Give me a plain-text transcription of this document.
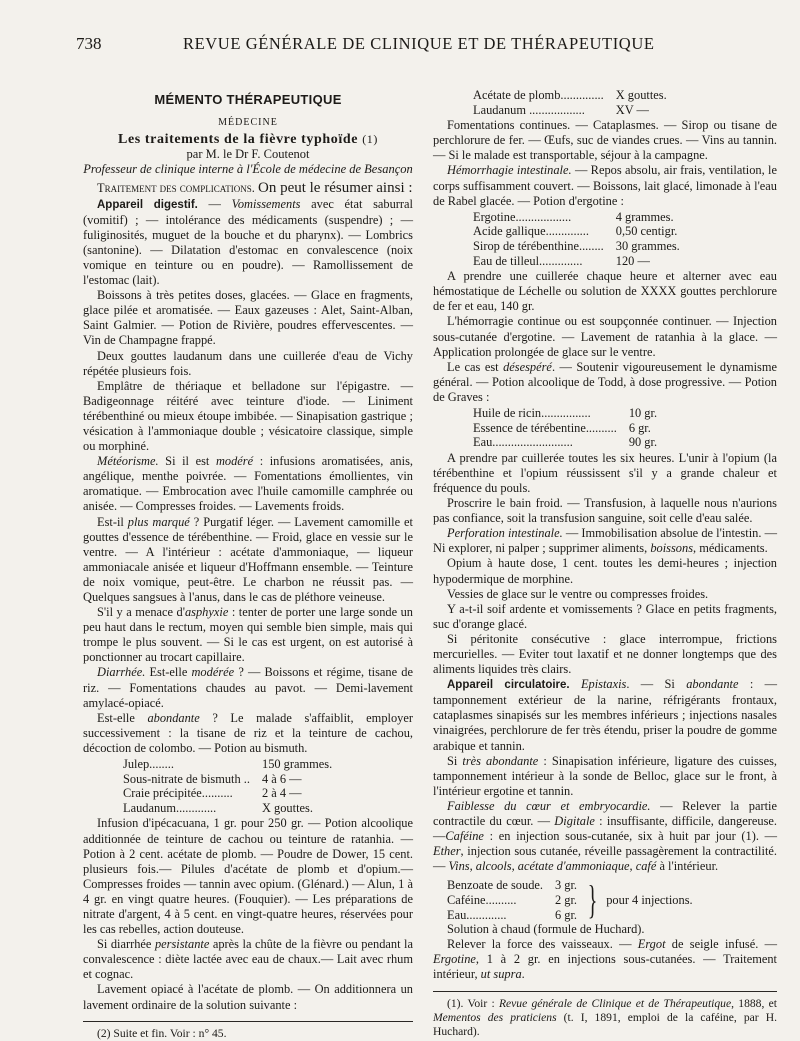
738	REVUE GÉNÉRALE DE CLINIQUE ET DE THÉRAPEUTIQUE
MÉMENTO THÉRAPEUTIQUE
MÉDECINE
Les traitements de la fièvre typhoïde (1)
par M. le Dr F. Coutenot
Professeur de clinique interne à l'École de médecine de Besançon

Traitement des complications. On peut le résumer ainsi :

Appareil digestif. — Vomissements avec état saburral (vomitif) ; — intolérance des médicaments (suspendre) ; — fuliginosités, muguet de la bouche et du pharynx). — Lombrics (santonine). — Dilatation d'estomac en convalescence (noix vomique en teinture ou en poudre). — Ramollissement de l'estomac (lait).

Boissons à très petites doses, glacées. — Glace en fragments, glace pilée et aromatisée. — Eaux gazeuses : Alet, Saint-Alban, Saint Galmier. — Potion de Rivière, poudres effervescentes. — Vin de Champagne frappé.

Deux gouttes laudanum dans une cuillerée d'eau de Vichy répétée plusieurs fois.

Emplâtre de thériaque et belladone sur l'épigastre. — Badigeonnage réitéré avec teinture d'iode. — Liniment térébenthiné ou mieux étoupe imbibée. — Sinapisation gastrique ; vésication à l'ammoniaque double ; vésicatoire classique, simple ou morphiné.

Météorisme. Si il est modéré : infusions aromatisées, anis, angélique, menthe poivrée. — Fomentations émollientes, vin aromatique. — Embrocation avec l'huile camomille camphrée ou anisée. — Compresses froides. — Lavements froids.

Est-il plus marqué ? Purgatif léger. — Lavement camomille et gouttes d'essence de térébenthine. — Froid, glace en vessie sur le ventre. — A l'intérieur : acétate d'ammoniaque, — liqueur ammoniacale anisée et liqueur d'Hoffmann ensemble. — Teinture de noix vomique, peut-être. Le charbon ne réussit pas. — Quelques sangsues à l'anus, dans le cas de pléthore veineuse.

S'il y a menace d'asphyxie : tenter de porter une large sonde un peu haut dans le rectum, moyen qui semble bien simple, mais qui trompe le plus souvent. — Si le cas est urgent, on est autorisé à ponctionner au trocart capillaire.

Diarrhée. Est-elle modérée ? — Boissons et régime, tisane de riz. — Fomentations chaudes au pavot. — Demi-lavement amylacé-opiacé.

Est-elle abondante ? Le malade s'affaiblit, employer successivement : la tisane de riz et la teinture de cachou, décoction de colombo. — Potion au bismuth.

Julep........	150 grammes.
Sous-nitrate de bismuth ..	4 à 6 —
Craie précipitée..........	2 à 4 —
Laudanum.............	X gouttes.

Infusion d'ipécacuana, 1 gr. pour 250 gr. — Potion alcoolique additionnée de teinture de cachou ou teinture de ratanhia. — Potion à 2 cent. acétate de plomb. — Poudre de Dower, 15 cent. plusieurs fois.— Pilules d'acétate de plomb et d'opium.— Compresses froides — tannin avec opium. (Glénard.) — Alun, 1 à 4 gr. en vingt quatre heures. (Fouquier). — Les préparations de nitrate d'argent, 4 à 5 cent. en vingt-quatre heures, réservées pour les cas rebelles, action douteuse.

Si diarrhée persistante après la chûte de la fièvre ou pendant la convalescence : diète lactée avec eau de chaux.— Lait avec rhum et cognac.

Lavement opiacé à l'acétate de plomb. — On additionnera un lavement ordinaire de la solution suivante :

(2) Suite et fin. Voir : n° 45.

Acétate de plomb..............	X gouttes.
Laudanum ..................	XV —

Fomentations continues. — Cataplasmes. — Sirop ou tisane de perchlorure de fer. — Œufs, suc de viandes crues. — Vins au tannin. — Si le malade est transportable, séjour à la campagne.

Hémorrhagie intestinale. — Repos absolu, air frais, ventilation, le corps suffisamment couvert. — Boissons, lait glacé, limonade à l'eau de Rabel glacée. — Potion d'ergotine :

Ergotine..................	4 grammes.
Acide gallique..............	0,50 centigr.
Sirop de térébenthine........	30 grammes.
Eau de tilleul..............	120 —

A prendre une cuillerée chaque heure et alterner avec eau hémostatique de Léchelle ou solution de XXXX gouttes perchlorure de fer et eau, 140 gr.

L'hémorragie continue ou est soupçonnée continuer. — Injection sous-cutanée d'ergotine. — Lavement de ratanhia à la glace. — Application prolongée de glace sur le ventre.

Le cas est désespéré. — Soutenir vigoureusement le dynamisme général. — Potion alcoolique de Todd, à dose progressive. — Potion de Graves :

Huile de ricin................	10 gr.
Essence de térébentine..........	6 gr.
Eau..........................	90 gr.

A prendre par cuillerée toutes les six heures. L'unir à l'opium (la térébenthine et l'opium réussissent s'il y a grande chaleur et fréquence du pouls.

Proscrire le bain froid. — Transfusion, à laquelle nous n'aurions pas confiance, soit la transfusion sanguine, soit celle d'eau salée.

Perforation intestinale. — Immobilisation absolue de l'intestin. — Ni explorer, ni palper ; supprimer aliments, boissons, médicaments.

Opium à haute dose, 1 cent. toutes les demi-heures ; injection hypodermique de morphine.

Vessies de glace sur le ventre ou compresses froides.

Y a-t-il soif ardente et vomissements ? Glace en petits fragments, suc d'orange glacé.

Si péritonite consécutive : glace interrompue, frictions mercurielles. — Eviter tout laxatif et ne donner longtemps que des aliments liquides très clairs.

Appareil circulatoire. Epistaxis. — Si abondante : — tamponnement extérieur de la narine, réfrigérants frontaux, cataplasmes sinapisés sur les membres inférieurs ; injections nasales vinaigrées, perchlorure de fer très étendu, priser la poudre de gomme arabique et tannin.

Si très abondante : Sinapisation inférieure, ligature des cuisses, tamponnement intérieur à la sonde de Belloc, glace sur le front, à l'intérieur ergotine et tannin.

Faiblesse du cœur et embryocardie. — Relever la partie contractile du cœur. — Digitale : insuffisante, difficile, dangereuse.—Caféine : en injection sous-cutanée, six à huit par jour (1). — Ether, injection sous cutanée, réveille passagèrement la contractilité. — Vins, alcools, acétate d'ammoniaque, café à l'intérieur.

Benzoate de soude.	3 gr.
Caféine..........	2 gr.
Eau.............	6 gr. } pour 4 injections.

Solution à chaud (formule de Huchard).

Relever la force des vaisseaux. — Ergot de seigle infusé. — Ergotine, 1 à 2 gr. en injections sous-cutanées. — Traitement intérieur, ut supra.

(1). Voir : Revue générale de Clinique et de Thérapeutique, 1888, et Mementos des praticiens (t. I, 1891, emploi de la caféine, par H. Huchard).
